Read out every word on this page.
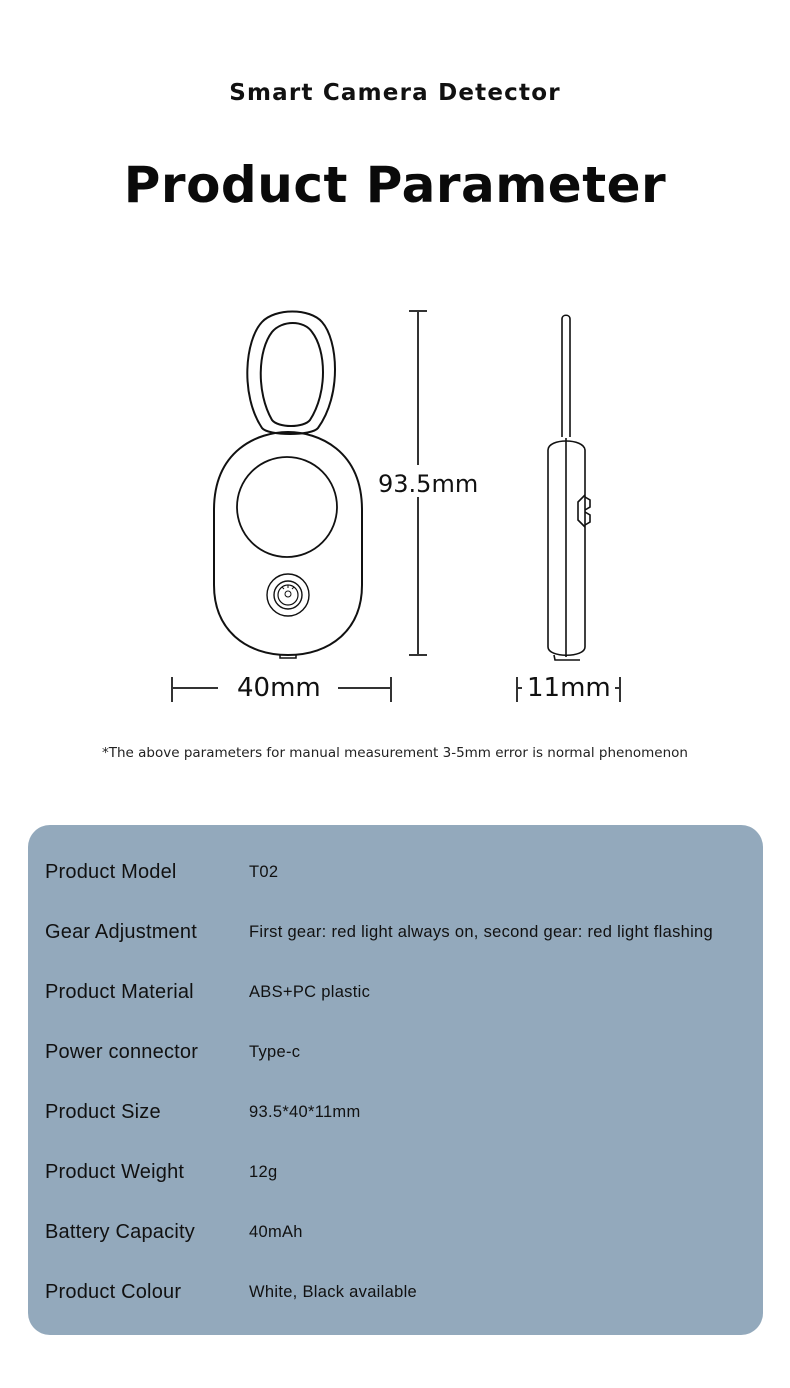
Smart Camera Detector
Product Parameter
93.5mm
40mm	11mm
*The above parameters for manual measurement 3-5mm error is normal phenomenon
Product Model	T02
Gear Adjustment	First gear: red light always on, second gear: red light flashing
Product Material	ABS+PC plastic
Power connector	Type-c
Product Size	93.5*40*11mm
Product Weight	12g
Battery Capacity	40mAh
Product Colour	White, Black available
